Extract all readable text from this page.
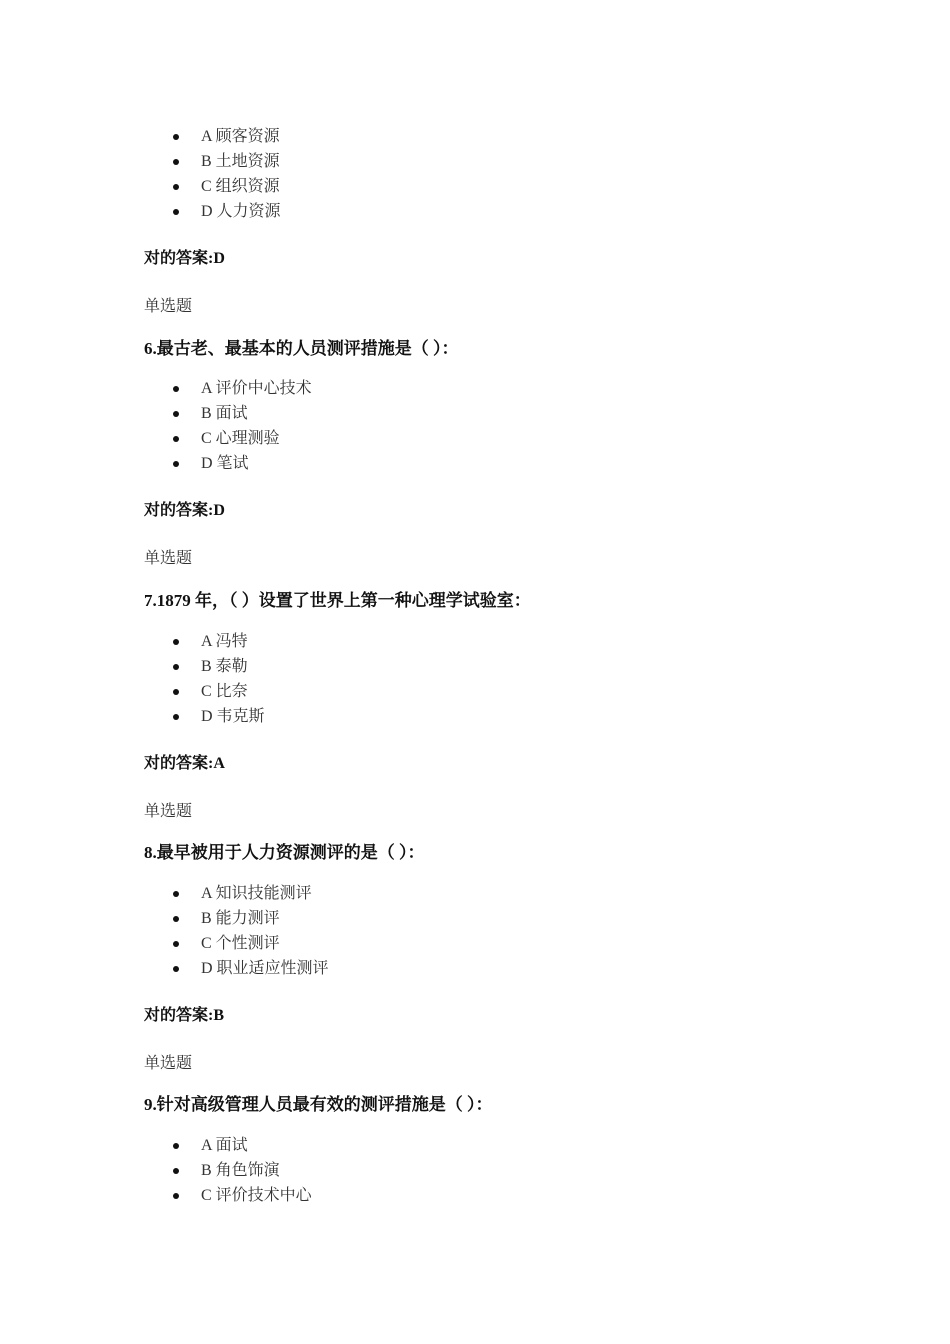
A 顾客资源
B 土地资源
C 组织资源
D 人力资源
对的答案:D
单选题
6.最古老、最基本的人员测评措施是（ ）：
A 评价中心技术
B 面试
C 心理测验
D 笔试
对的答案:D
单选题
7.1879 年，（ ）设置了世界上第一种心理学试验室：
A 冯特
B 泰勒
C 比奈
D 韦克斯
对的答案:A
单选题
8.最早被用于人力资源测评的是（ ）：
A 知识技能测评
B 能力测评
C 个性测评
D 职业适应性测评
对的答案:B
单选题
9.针对高级管理人员最有效的测评措施是（ ）：
A 面试
B 角色饰演
C 评价技术中心
